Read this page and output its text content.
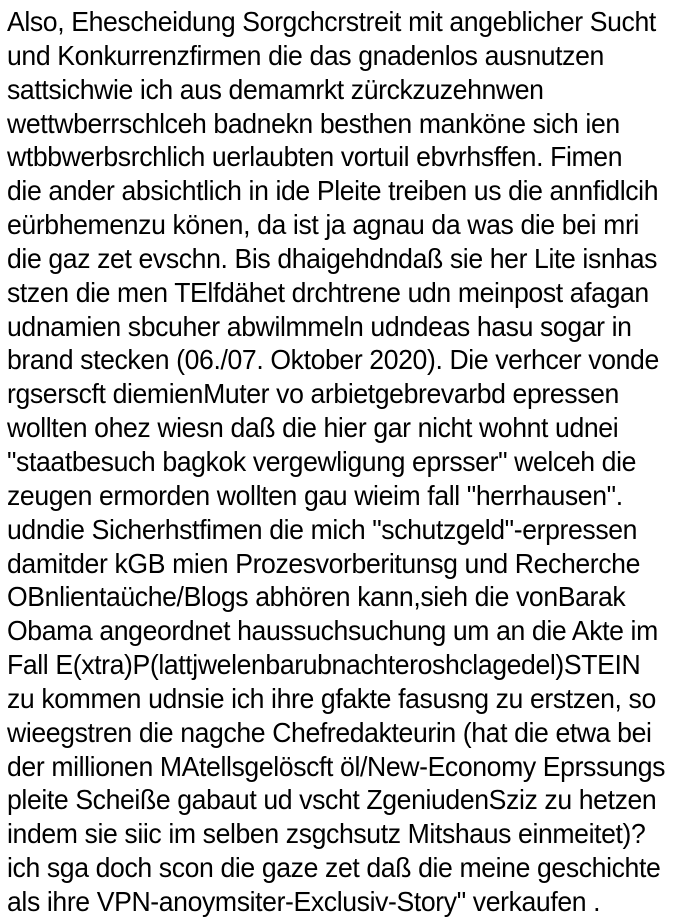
Also, Ehescheidung Sorgchcrstreit mit angeblicher Sucht
und Konkurrenzfirmen die das gnadenlos ausnutzen
sattsichwie ich aus demamrkt zürckzuzehnwen
wettwberrschlceh badnekn besthen manköne sich ien
wtbbwerbsrchlich uerlaubten vortuil ebvrhsffen. Fimen
die ander absichtlich in ide Pleite treiben us die annfidlcih
eürbhemenzu könen, da ist ja agnau da was die bei mri
die gaz zet evschn. Bis dhaigehdndaß sie her Lite isnhas
stzen die men TElfdähet drchtrene udn meinpost afagan
udnamien sbcuher abwilmmeln udndeas hasu sogar in
brand stecken (06./07. Oktober 2020). Die verhcer vonde
rgserscft diemienMuter vo arbietgebrevarbd epressen
wollten ohez wiesn daß die hier gar nicht wohnt udnei
"staatbesuch bagkok vergewligung eprsser" welceh die
zeugen ermorden wollten gau wieim fall "herrhausen".
udndie Sicherhstfimen die mich "schutzgeld"-erpressen
damitder kGB mien Prozesvorberitunsg und Recherche
OBnlientaüche/Blogs abhören kann,sieh die vonBarak
Obama angeordnet haussuchsuchung um an die Akte im
Fall E(xtra)P(lattjwelenbarubnachteroshclagedel)STEIN
zu kommen udnsie ich ihre gfakte fasusng zu erstzen, so
wieegstren die nagche Chefredakteurin (hat die etwa bei
der millionen MAtellsgelöscft öl/New-Economy Eprssungs
pleite Scheiße gabaut ud vscht ZgeniudenSziz zu hetzen
indem sie siic im selben zsgchsutz Mitshaus einmeitet)?
ich sga doch scon die gaze zet daß die meine geschichte
als ihre VPN-anoymsiter-Exclusiv-Story" verkaufen .
